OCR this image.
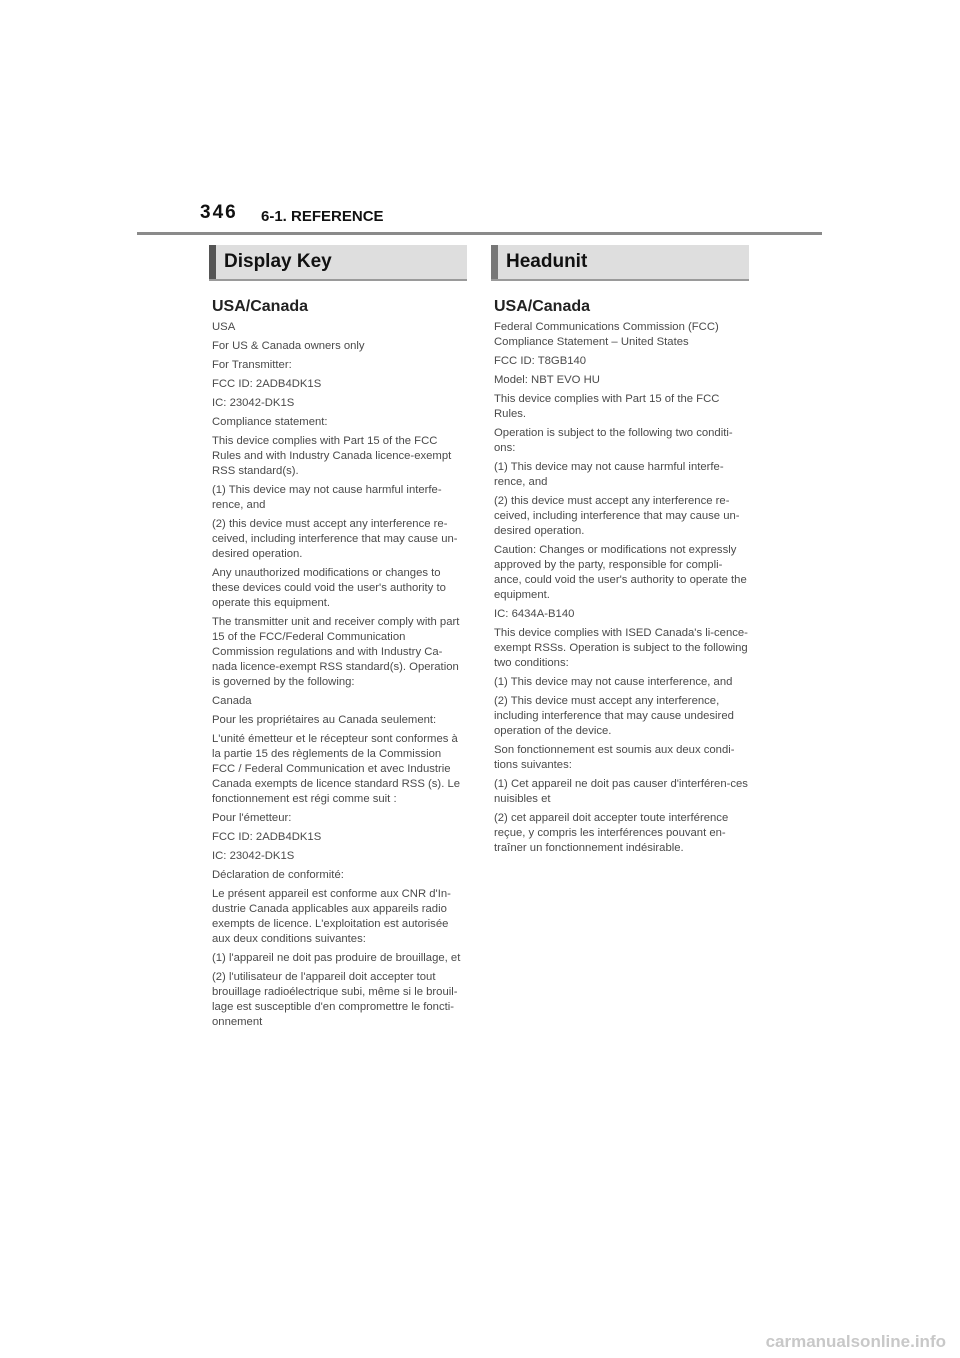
346 6-1. REFERENCE
Display Key
USA/Canada

USA

For US & Canada owners only

For Transmitter:

FCC ID: 2ADB4DK1S

IC: 23042-DK1S

Compliance statement:

This device complies with Part 15 of the FCC Rules and with Industry Canada licence-exempt RSS standard(s).

(1) This device may not cause harmful interfe-rence, and

(2) this device must accept any interference re-ceived, including interference that may cause un-desired operation.

Any unauthorized modifications or changes to these devices could void the user's authority to operate this equipment.

The transmitter unit and receiver comply with part 15 of the FCC/Federal Communication Commission regulations and with Industry Ca-nada licence-exempt RSS standard(s). Operation is governed by the following:

Canada

Pour les propriétaires au Canada seulement:

L'unité émetteur et le récepteur sont conformes à la partie 15 des règlements de la Commission FCC / Federal Communication et avec Industrie Canada exempts de licence standard RSS (s). Le fonctionnement est régi comme suit :

Pour l'émetteur:

FCC ID: 2ADB4DK1S

IC: 23042-DK1S

Déclaration de conformité:

Le présent appareil est conforme aux CNR d'In-dustrie Canada applicables aux appareils radio exempts de licence. L'exploitation est autorisée aux deux conditions suivantes:

(1) l'appareil ne doit pas produire de brouillage, et

(2) l'utilisateur de l'appareil doit accepter tout brouillage radioélectrique subi, même si le brouil-lage est susceptible d'en compromettre le foncti-onnement

Headunit
USA/Canada

Federal Communications Commission (FCC) Compliance Statement – United States

FCC ID: T8GB140

Model: NBT EVO HU

This device complies with Part 15 of the FCC Rules.

Operation is subject to the following two conditi-ons:

(1) This device may not cause harmful interfe-rence, and

(2) this device must accept any interference re-ceived, including interference that may cause un-desired operation.

Caution: Changes or modifications not expressly approved by the party, responsible for compli-ance, could void the user's authority to operate the equipment.

IC: 6434A-B140

This device complies with ISED Canada's li-cence-exempt RSSs. Operation is subject to the following two conditions:

(1) This device may not cause interference, and

(2) This device must accept any interference, including interference that may cause undesired operation of the device.

Son fonctionnement est soumis aux deux condi-tions suivantes:

(1) Cet appareil ne doit pas causer d'interféren-ces nuisibles et

(2) cet appareil doit accepter toute interférence reçue, y compris les interférences pouvant en-traîner un fonctionnement indésirable.

carmanualsonline.info
